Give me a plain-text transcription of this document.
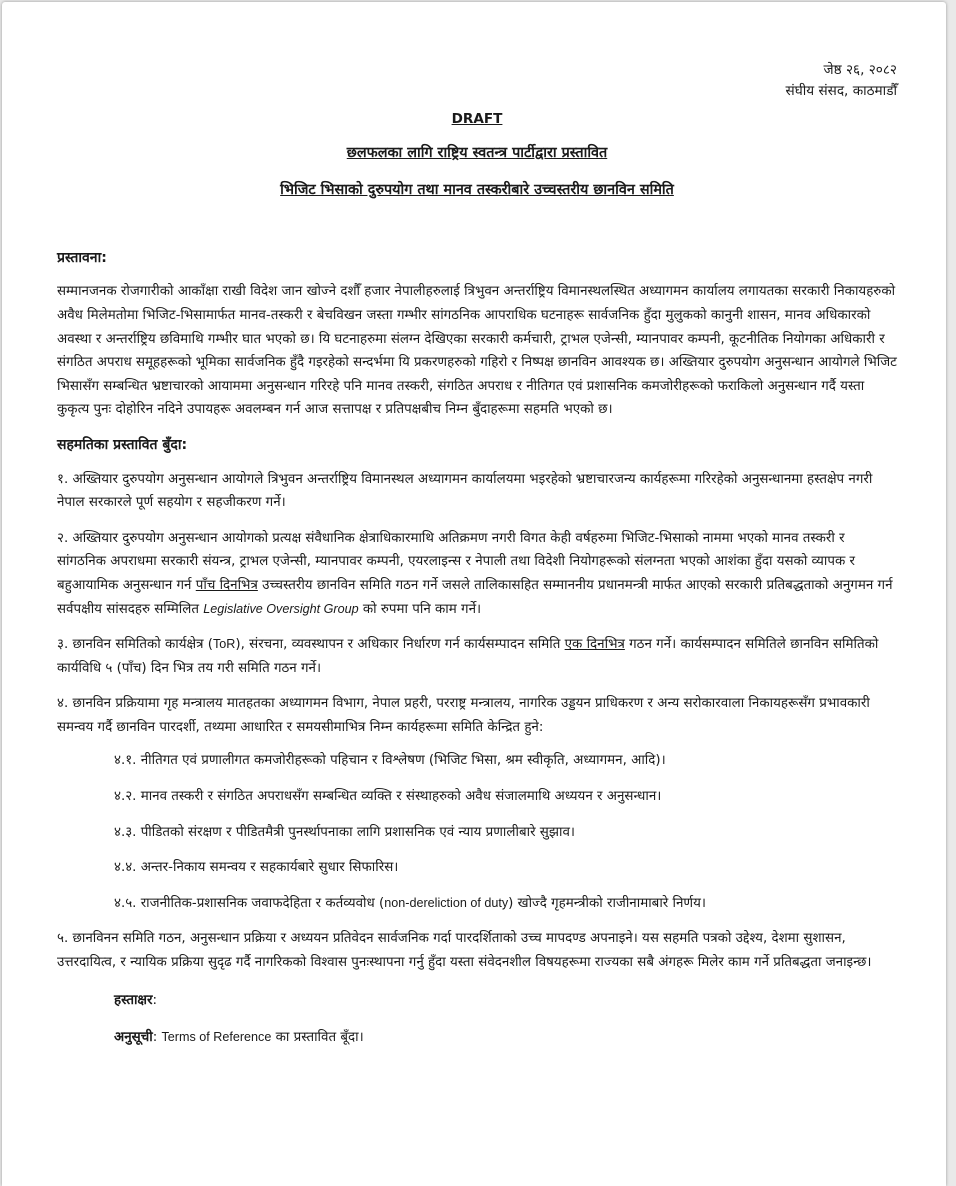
जेष्ठ २६, २०८२
संघीय संसद, काठमाडौँ
DRAFT
छलफलका लागि राष्ट्रिय स्वतन्त्र पार्टीद्वारा प्रस्तावित
भिजिट भिसाको दुरुपयोग तथा मानव तस्करीबारे उच्चस्तरीय छानविन समिति
प्रस्तावना:

सम्मानजनक रोजगारीको आकाँक्षा राखी विदेश जान खोज्ने दशौँ हजार नेपालीहरुलाई त्रिभुवन अन्तर्राष्ट्रिय विमानस्थलस्थित अध्यागमन कार्यालय लगायतका सरकारी निकायहरुको अवैध मिलेमतोमा भिजिट-भिसामार्फत मानव-तस्करी र बेचविखन जस्ता गम्भीर सांगठनिक आपराधिक घटनाहरू सार्वजनिक हुँदा मुलुकको कानुनी शासन, मानव अधिकारको अवस्था र अन्तर्राष्ट्रिय छविमाथि गम्भीर घात भएको छ। यि घटनाहरुमा संलग्न देखिएका सरकारी कर्मचारी, ट्राभल एजेन्सी, म्यानपावर कम्पनी, कूटनीतिक नियोगका अधिकारी र संगठित अपराध समूहहरूको भूमिका सार्वजनिक हुँदै गइरहेको सन्दर्भमा यि प्रकरणहरुको गहिरो र निष्पक्ष छानविन आवश्यक छ। अख्तियार दुरुपयोग अनुसन्धान आयोगले भिजिट भिसासँग सम्बन्धित भ्रष्टाचारको आयाममा अनुसन्धान गरिरहे पनि मानव तस्करी, संगठित अपराध र नीतिगत एवं प्रशासनिक कमजोरीहरूको फराकिलो अनुसन्धान गर्दै यस्ता कुकृत्य पुनः दोहोरिन नदिने उपायहरू अवलम्बन गर्न आज सत्तापक्ष र प्रतिपक्षबीच निम्न बुँदाहरूमा सहमति भएको छ।

सहमतिका प्रस्तावित बुँदा:

१. अख्तियार दुरुपयोग अनुसन्धान आयोगले त्रिभुवन अन्तर्राष्ट्रिय विमानस्थल अध्यागमन कार्यालयमा भइरहेको भ्रष्टाचारजन्य कार्यहरूमा गरिरहेको अनुसन्धानमा हस्तक्षेप नगरी नेपाल सरकारले पूर्ण सहयोग र सहजीकरण गर्ने।

२. अख्तियार दुरुपयोग अनुसन्धान आयोगको प्रत्यक्ष संवैधानिक क्षेत्राधिकारमाथि अतिक्रमण नगरी विगत केही वर्षहरुमा भिजिट-भिसाको नाममा भएको मानव तस्करी र सांगठनिक अपराधमा सरकारी संयन्त्र, ट्राभल एजेन्सी, म्यानपावर कम्पनी, एयरलाइन्स र नेपाली तथा विदेशी नियोगहरूको संलग्नता भएको आशंका हुँदा यसको व्यापक र बहुआयामिक अनुसन्धान गर्न पाँच दिनभित्र उच्चस्तरीय छानविन समिति गठन गर्ने जसले तालिकासहित सम्माननीय प्रधानमन्त्री मार्फत आएको सरकारी प्रतिबद्धताको अनुगमन गर्न सर्वपक्षीय सांसदहरु सम्मिलित Legislative Oversight Group को रुपमा पनि काम गर्ने।

३. छानविन समितिको कार्यक्षेत्र (ToR), संरचना, व्यवस्थापन र अधिकार निर्धारण गर्न कार्यसम्पादन समिति एक दिनभित्र गठन गर्ने। कार्यसम्पादन समितिले छानविन समितिको कार्यविधि ५ (पाँच) दिन भित्र तय गरी समिति गठन गर्ने।

४. छानविन प्रक्रियामा गृह मन्त्रालय मातहतका अध्यागमन विभाग, नेपाल प्रहरी, परराष्ट्र मन्त्रालय, नागरिक उड्डयन प्राधिकरण र अन्य सरोकारवाला निकायहरूसँग प्रभावकारी समन्वय गर्दै छानविन पारदर्शी, तथ्यमा आधारित र समयसीमाभित्र निम्न कार्यहरूमा समिति केन्द्रित हुने:

४.१. नीतिगत एवं प्रणालीगत कमजोरीहरूको पहिचान र विश्लेषण (भिजिट भिसा, श्रम स्वीकृति, अध्यागमन, आदि)।

४.२. मानव तस्करी र संगठित अपराधसँग सम्बन्धित व्यक्ति र संस्थाहरुको अवैध संजालमाथि अध्ययन र अनुसन्धान।

४.३. पीडितको संरक्षण र पीडितमैत्री पुनर्स्थापनाका लागि प्रशासनिक एवं न्याय प्रणालीबारे सुझाव।

४.४. अन्तर-निकाय समन्वय र सहकार्यबारे सुधार सिफारिस।

४.५. राजनीतिक-प्रशासनिक जवाफदेहिता र कर्तव्यवोध (non-dereliction of duty) खोज्दै गृहमन्त्रीको राजीनामाबारे निर्णय।

५. छानविनन समिति गठन, अनुसन्धान प्रक्रिया र अध्ययन प्रतिवेदन सार्वजनिक गर्दा पारदर्शिताको उच्च मापदण्ड अपनाइने। यस सहमति पत्रको उद्देश्य, देशमा सुशासन, उत्तरदायित्व, र न्यायिक प्रक्रिया सुदृढ गर्दै नागरिकको विश्वास पुनःस्थापना गर्नु हुँदा यस्ता संवेदनशील विषयहरूमा राज्यका सबै अंगहरू मिलेर काम गर्ने प्रतिबद्धता जनाइन्छ।

हस्ताक्षर:

अनुसूची: Terms of Reference का प्रस्तावित बूँदा।
